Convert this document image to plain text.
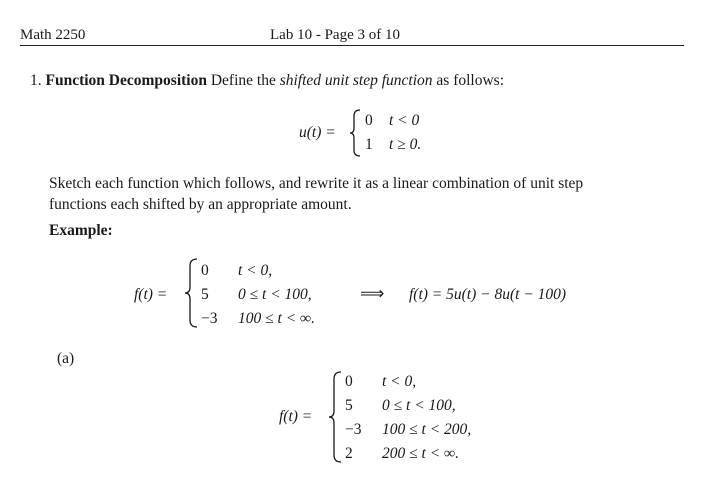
Math 2250	Lab 10 - Page 3 of 10
1. Function Decomposition Define the shifted unit step function as follows:
u(t) =
0 t < 0
1 t ≥ 0.
Sketch each function which follows, and rewrite it as a linear combination of unit step
functions each shifted by an appropriate amount.
Example:
f(t) =
0 t < 0,
5 0 ≤ t < 100,
−3 100 ≤ t < ∞.
⟹ f(t) = 5u(t) − 8u(t − 100)
(a)
f(t) =
0 t < 0,
5 0 ≤ t < 100,
−3 100 ≤ t < 200,
2 200 ≤ t < ∞.
